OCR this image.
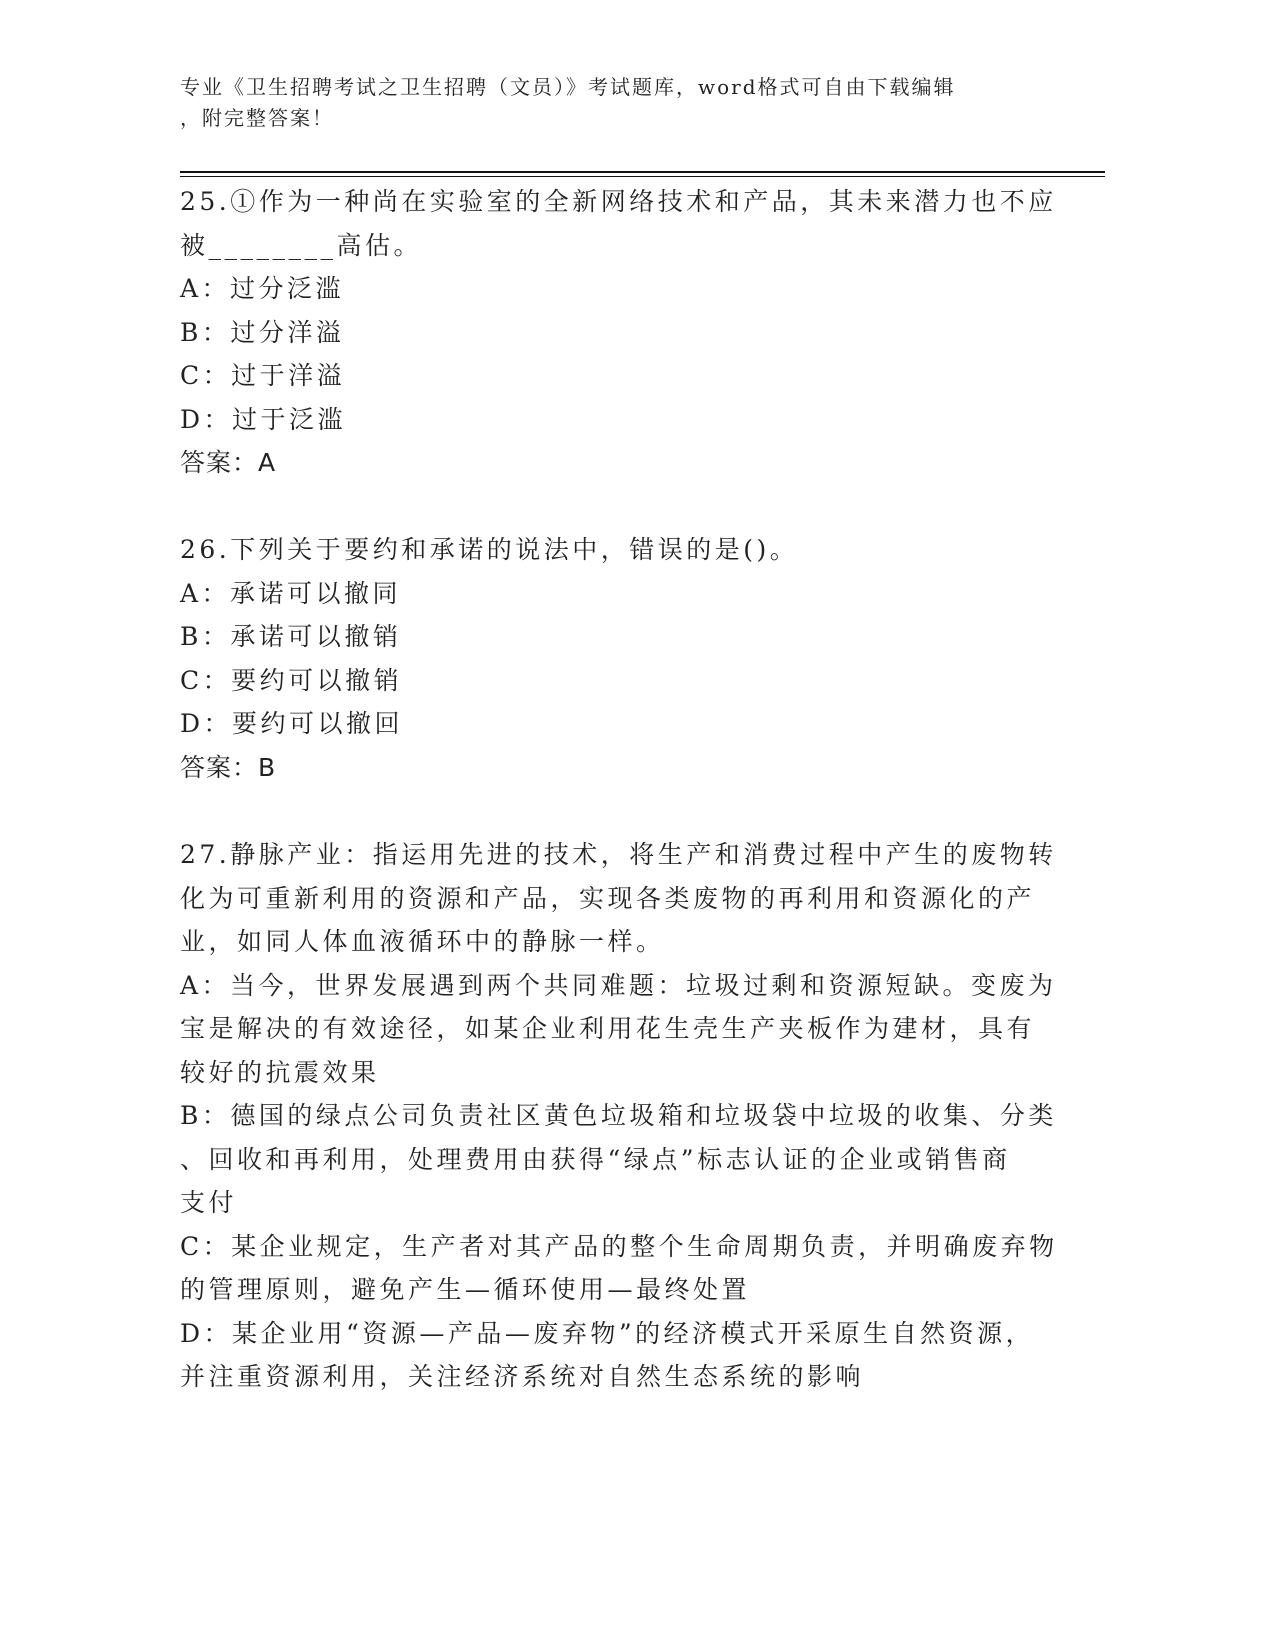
专业《卫生招聘考试之卫生招聘（文员）》考试题库，word格式可自由下载编辑
，附完整答案！
25.①作为一种尚在实验室的全新网络技术和产品，其未来潜力也不应
被________高估。
A：过分泛滥
B：过分洋溢
C：过于洋溢
D：过于泛滥
答案：A
26.下列关于要约和承诺的说法中，错误的是()。
A：承诺可以撤同
B：承诺可以撤销
C：要约可以撤销
D：要约可以撤回
答案：B
27.静脉产业：指运用先进的技术，将生产和消费过程中产生的废物转
化为可重新利用的资源和产品，实现各类废物的再利用和资源化的产
业，如同人体血液循环中的静脉一样。
A：当今，世界发展遇到两个共同难题：垃圾过剩和资源短缺。变废为
宝是解决的有效途径，如某企业利用花生壳生产夹板作为建材，具有
较好的抗震效果
B：德国的绿点公司负责社区黄色垃圾箱和垃圾袋中垃圾的收集、分类
、回收和再利用，处理费用由获得“绿点”标志认证的企业或销售商
支付
C：某企业规定，生产者对其产品的整个生命周期负责，并明确废弃物
的管理原则，避免产生—循环使用—最终处置
D：某企业用“资源—产品—废弃物”的经济模式开采原生自然资源，
并注重资源利用，关注经济系统对自然生态系统的影响
